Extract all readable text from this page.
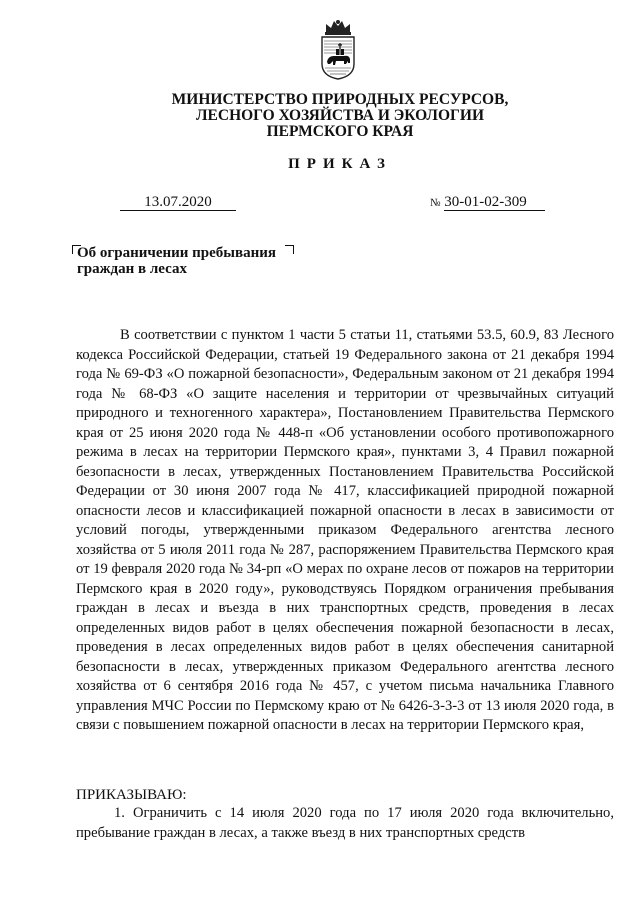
МИНИСТЕРСТВО ПРИРОДНЫХ РЕСУРСОВ,
ЛЕСНОГО ХОЗЯЙСТВА И ЭКОЛОГИИ
ПЕРМСКОГО КРАЯ
ПРИКАЗ
13.07.2020	№ 30-01-02-309
Об ограничении пребывания
граждан в лесах

В соответствии с пунктом 1 части 5 статьи 11, статьями 53.5, 60.9, 83 Лесного кодекса Российской Федерации, статьей 19 Федерального закона от 21 декабря 1994 года № 69-ФЗ «О пожарной безопасности», Федеральным законом от 21 декабря 1994 года № 68-ФЗ «О защите населения и территории от чрезвычайных ситуаций природного и техногенного характера», Постановлением Правительства Пермского края от 25 июня 2020 года № 448-п «Об установлении особого противопожарного режима в лесах на территории Пермского края», пунктами 3, 4 Правил пожарной безопасности в лесах, утвержденных Постановлением Правительства Российской Федерации от 30 июня 2007 года № 417, классификацией природной пожарной опасности лесов и классификацией пожарной опасности в лесах в зависимости от условий погоды, утвержденными приказом Федерального агентства лесного хозяйства от 5 июля 2011 года № 287, распоряжением Правительства Пермского края от 19 февраля 2020 года № 34-рп «О мерах по охране лесов от пожаров на территории Пермского края в 2020 году», руководствуясь Порядком ограничения пребывания граждан в лесах и въезда в них транспортных средств, проведения в лесах определенных видов работ в целях обеспечения пожарной безопасности в лесах, проведения в лесах определенных видов работ в целях обеспечения санитарной безопасности в лесах, утвержденных приказом Федерального агентства лесного хозяйства от 6 сентября 2016 года № 457, с учетом письма начальника Главного управления МЧС России по Пермскому краю от № 6426-3-3-3 от 13 июля 2020 года, в связи с повышением пожарной опасности в лесах на территории Пермского края,

ПРИКАЗЫВАЮ:

1. Ограничить с 14 июля 2020 года по 17 июля 2020 года включительно, пребывание граждан в лесах, а также въезд в них транспортных средств
